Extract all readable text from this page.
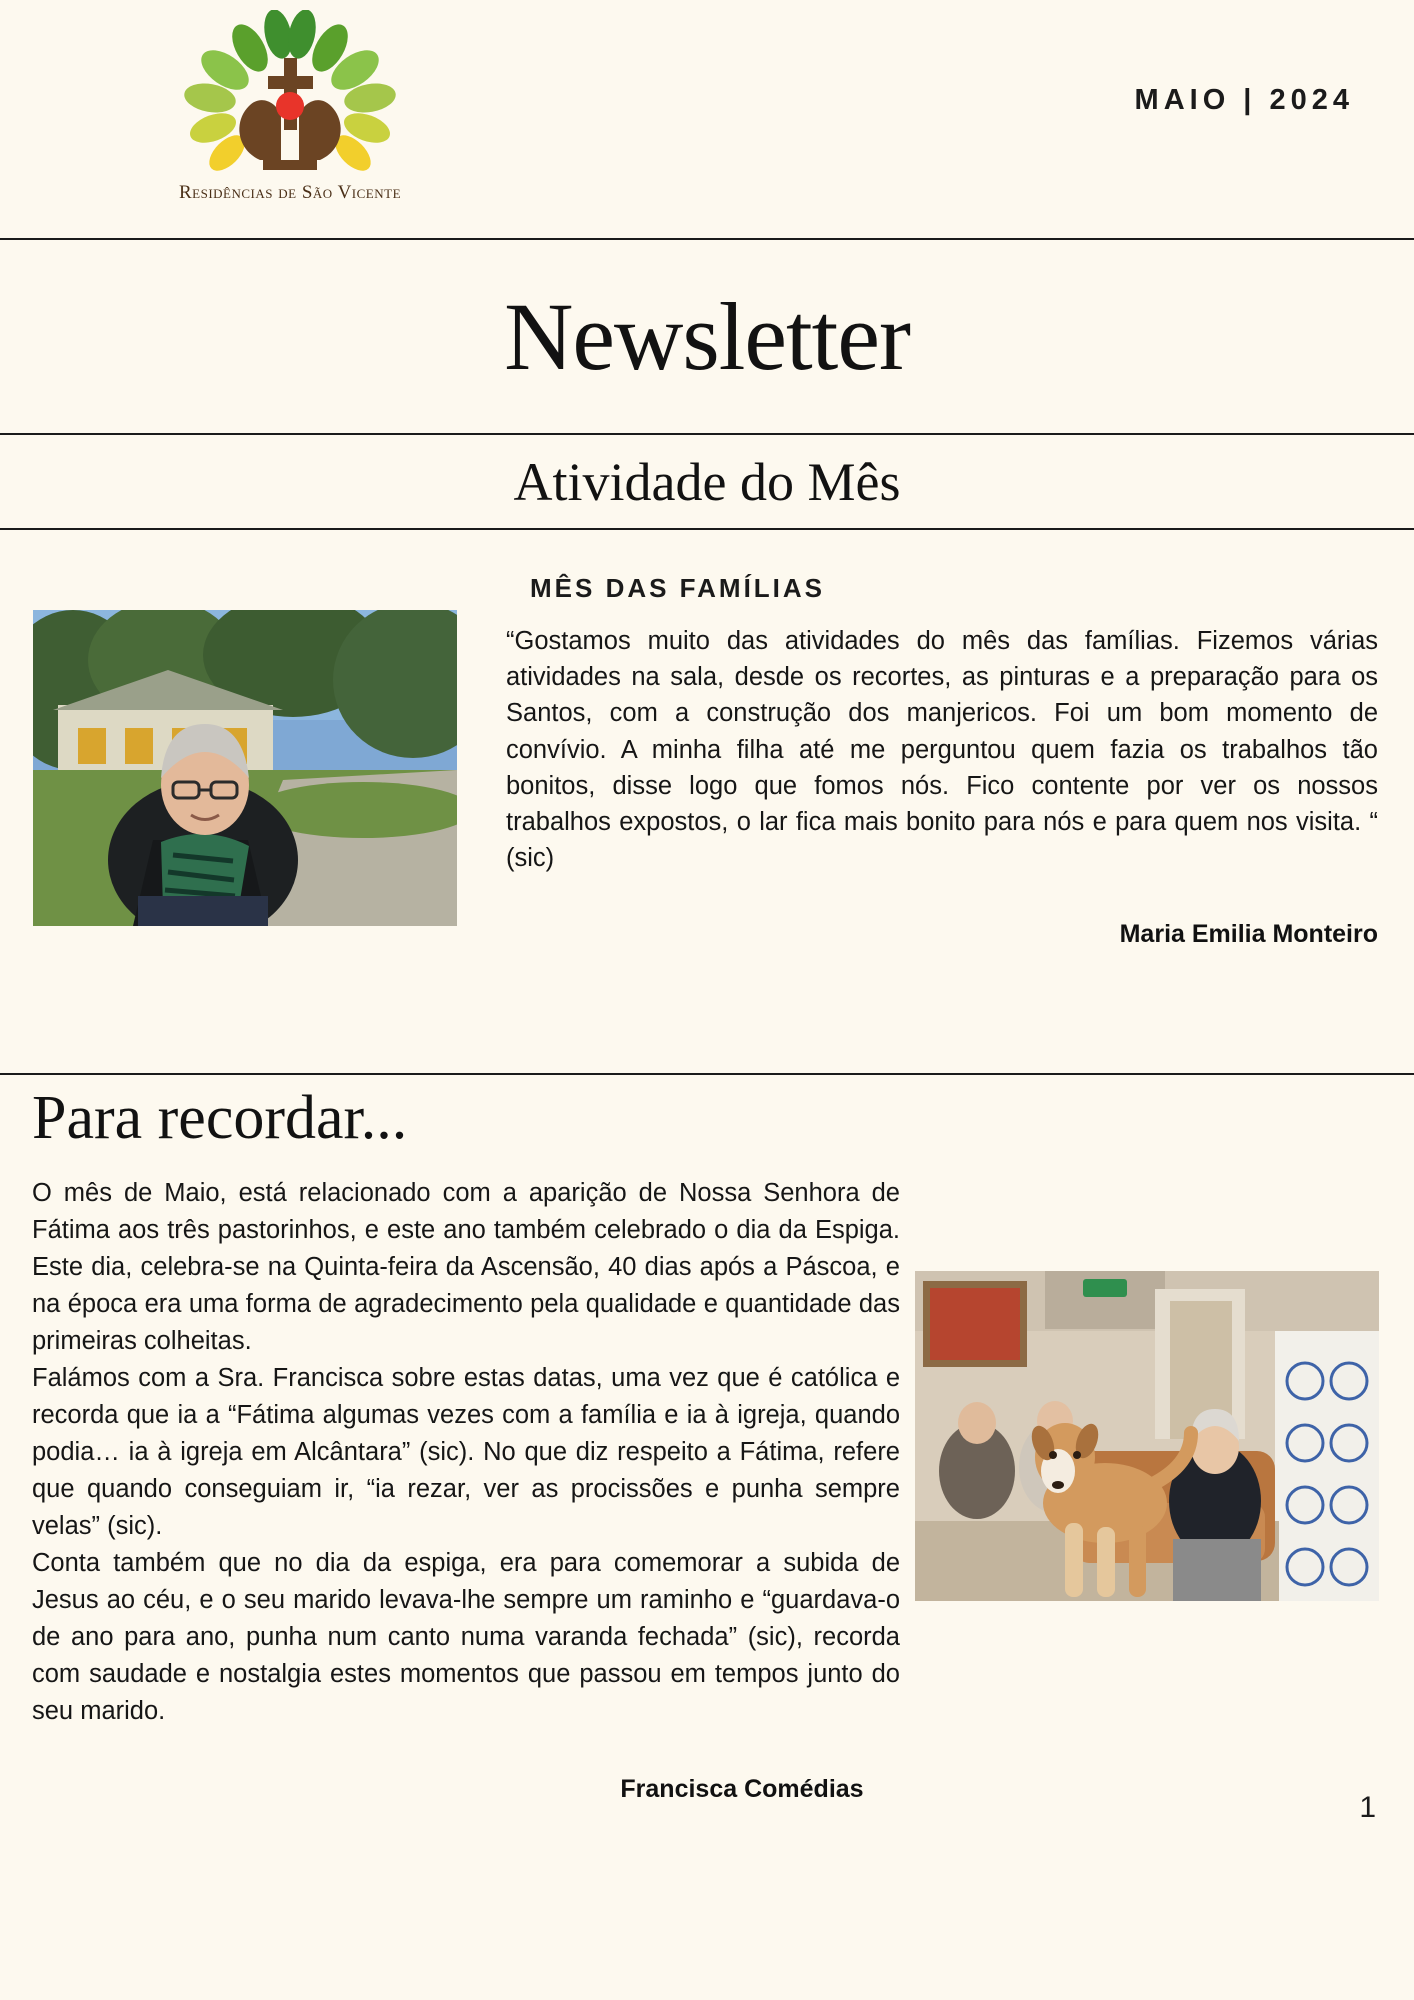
Residências de São Vicente
MAIO | 2024
Newsletter
Atividade do Mês
MÊS DAS FAMÍLIAS
“Gostamos muito das atividades do mês das famílias. Fizemos várias atividades na sala, desde os recortes, as pinturas e a preparação para os Santos, com a construção dos manjericos. Foi um bom momento de convívio. A minha filha até me perguntou quem fazia os trabalhos tão bonitos, disse logo que fomos nós. Fico contente por ver os nossos trabalhos expostos, o lar fica mais bonito para nós e para quem nos visita. “ (sic)
Maria Emilia Monteiro
Para recordar...

O mês de Maio, está relacionado com a aparição de Nossa Senhora de Fátima aos três pastorinhos, e este ano também celebrado o dia da Espiga. Este dia, celebra-se na Quinta-feira da Ascensão, 40 dias após a Páscoa, e na época era uma forma de agradecimento pela qualidade e quantidade das primeiras colheitas.

Falámos com a Sra. Francisca sobre estas datas, uma vez que é católica e recorda que ia a “Fátima algumas vezes com a família e ia à igreja, quando podia… ia à igreja em Alcântara” (sic). No que diz respeito a Fátima, refere que quando conseguiam ir, “ia rezar, ver as procissões e punha sempre velas” (sic).

Conta também que no dia da espiga, era para comemorar a subida de Jesus ao céu, e o seu marido levava-lhe sempre um raminho e “guardava-o de ano para ano, punha num canto numa varanda fechada” (sic), recorda com saudade e nostalgia estes momentos que passou em tempos junto do seu marido.

Francisca Comédias
1
